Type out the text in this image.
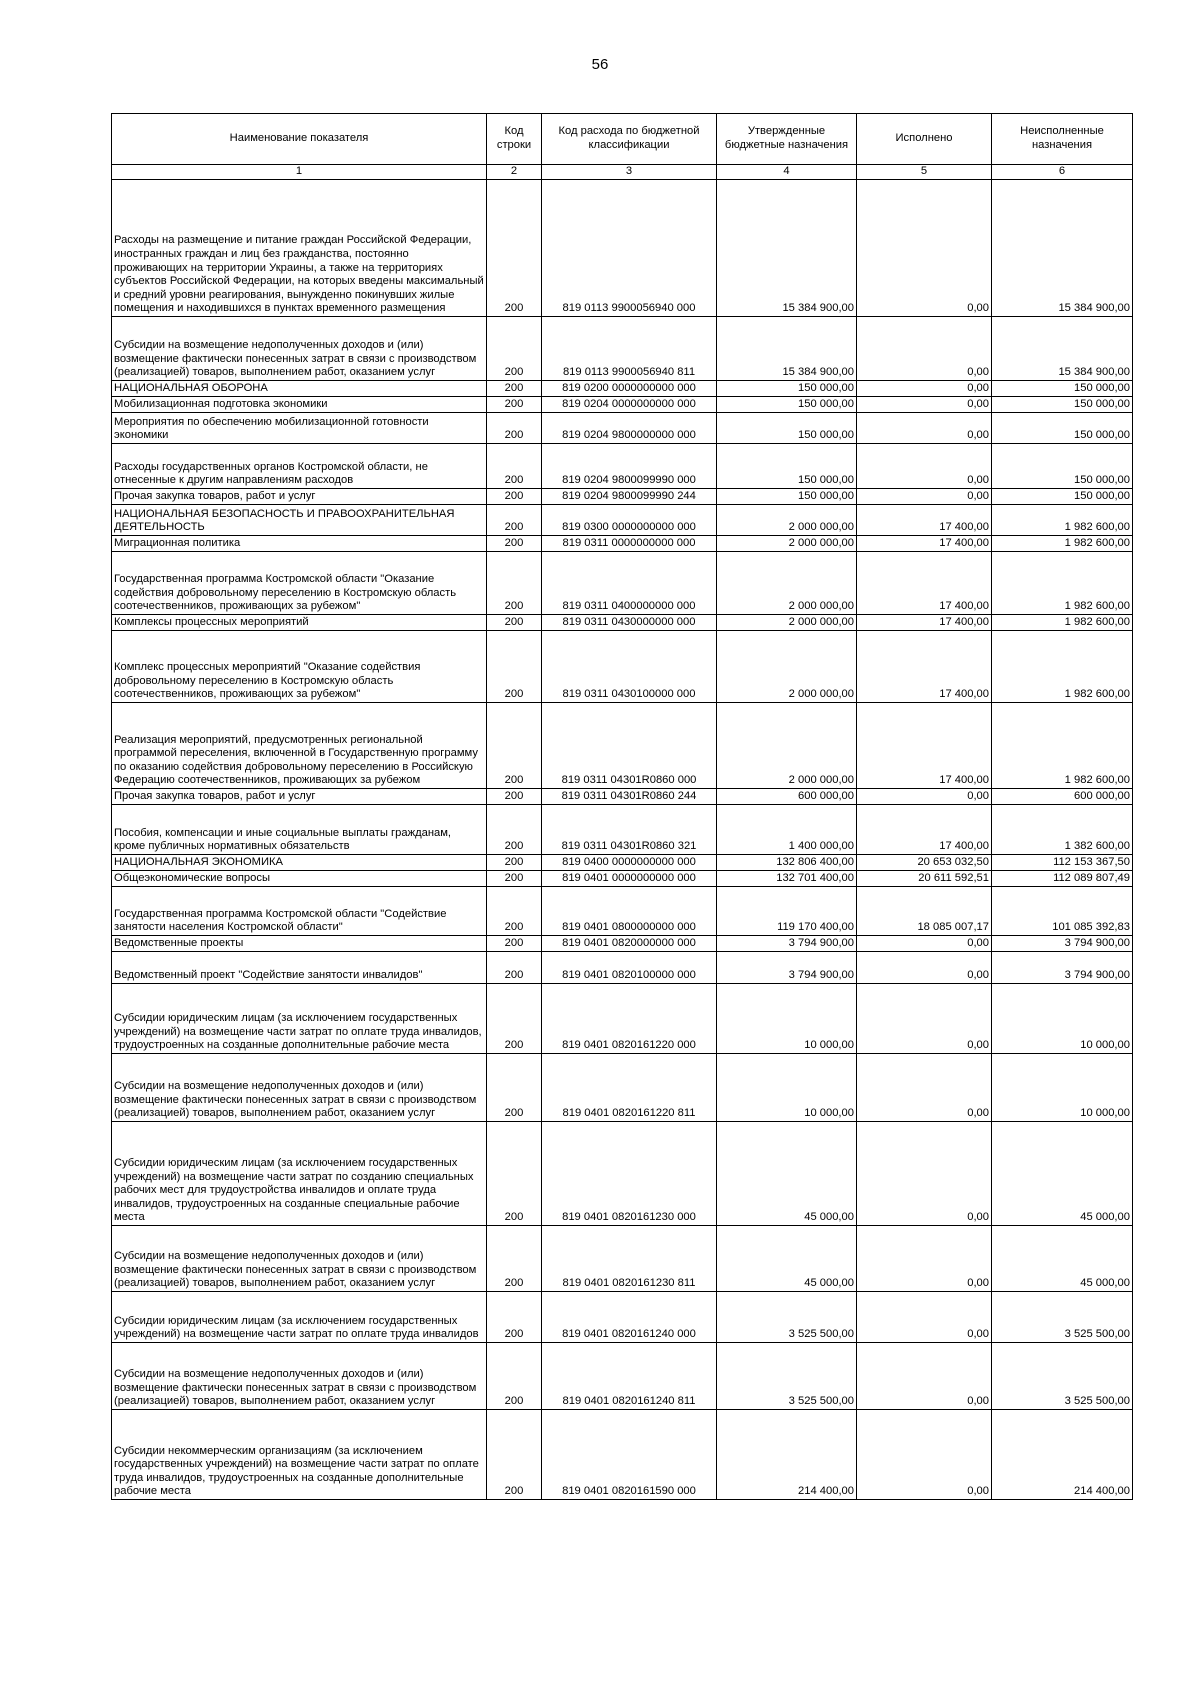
56
Наименование показателя	Код строки	Код расхода по бюджетной классификации	Утвержденные бюджетные назначения	Исполнено	Неисполненные назначения
1	2	3	4	5	6
Расходы на размещение и питание граждан Российской Федерации, иностранных граждан и лиц без гражданства, постоянно проживающих на территории Украины, а также на территориях субъектов Российской Федерации, на которых введены максимальный и средний уровни реагирования, вынужденно покинувших жилые помещения и находившихся в пунктах временного размещения	200	819 0113 9900056940 000	15 384 900,00	0,00	15 384 900,00
Субсидии на возмещение недополученных доходов и (или) возмещение фактически понесенных затрат в связи с производством (реализацией) товаров, выполнением работ, оказанием услуг	200	819 0113 9900056940 811	15 384 900,00	0,00	15 384 900,00
НАЦИОНАЛЬНАЯ ОБОРОНА	200	819 0200 0000000000 000	150 000,00	0,00	150 000,00
Мобилизационная подготовка экономики	200	819 0204 0000000000 000	150 000,00	0,00	150 000,00
Мероприятия по обеспечению мобилизационной готовности экономики	200	819 0204 9800000000 000	150 000,00	0,00	150 000,00
Расходы государственных органов Костромской области, не отнесенные к другим направлениям расходов	200	819 0204 9800099990 000	150 000,00	0,00	150 000,00
Прочая закупка товаров, работ и услуг	200	819 0204 9800099990 244	150 000,00	0,00	150 000,00
НАЦИОНАЛЬНАЯ БЕЗОПАСНОСТЬ И ПРАВООХРАНИТЕЛЬНАЯ ДЕЯТЕЛЬНОСТЬ	200	819 0300 0000000000 000	2 000 000,00	17 400,00	1 982 600,00
Миграционная политика	200	819 0311 0000000000 000	2 000 000,00	17 400,00	1 982 600,00
Государственная программа Костромской области "Оказание содействия добровольному переселению в Костромскую область соотечественников, проживающих за рубежом"	200	819 0311 0400000000 000	2 000 000,00	17 400,00	1 982 600,00
Комплексы процессных мероприятий	200	819 0311 0430000000 000	2 000 000,00	17 400,00	1 982 600,00
Комплекс процессных мероприятий "Оказание содействия добровольному переселению в Костромскую область соотечественников, проживающих за рубежом"	200	819 0311 0430100000 000	2 000 000,00	17 400,00	1 982 600,00
Реализация мероприятий, предусмотренных региональной программой переселения, включенной в Государственную программу по оказанию содействия добровольному переселению в Российскую Федерацию соотечественников, проживающих за рубежом	200	819 0311 04301R0860 000	2 000 000,00	17 400,00	1 982 600,00
Прочая закупка товаров, работ и услуг	200	819 0311 04301R0860 244	600 000,00	0,00	600 000,00
Пособия, компенсации и иные социальные выплаты гражданам, кроме публичных нормативных обязательств	200	819 0311 04301R0860 321	1 400 000,00	17 400,00	1 382 600,00
НАЦИОНАЛЬНАЯ ЭКОНОМИКА	200	819 0400 0000000000 000	132 806 400,00	20 653 032,50	112 153 367,50
Общеэкономические вопросы	200	819 0401 0000000000 000	132 701 400,00	20 611 592,51	112 089 807,49
Государственная программа Костромской области "Содействие занятости населения Костромской области"	200	819 0401 0800000000 000	119 170 400,00	18 085 007,17	101 085 392,83
Ведомственные проекты	200	819 0401 0820000000 000	3 794 900,00	0,00	3 794 900,00
Ведомственный проект "Содействие занятости инвалидов"	200	819 0401 0820100000 000	3 794 900,00	0,00	3 794 900,00
Субсидии юридическим лицам (за исключением государственных учреждений) на возмещение части затрат по оплате труда инвалидов, трудоустроенных на созданные дополнительные рабочие места	200	819 0401 0820161220 000	10 000,00	0,00	10 000,00
Субсидии на возмещение недополученных доходов и (или) возмещение фактически понесенных затрат в связи с производством (реализацией) товаров, выполнением работ, оказанием услуг	200	819 0401 0820161220 811	10 000,00	0,00	10 000,00
Субсидии юридическим лицам (за исключением государственных учреждений) на возмещение части затрат по созданию специальных рабочих мест для трудоустройства инвалидов и оплате труда инвалидов, трудоустроенных на созданные специальные рабочие места	200	819 0401 0820161230 000	45 000,00	0,00	45 000,00
Субсидии на возмещение недополученных доходов и (или) возмещение фактически понесенных затрат в связи с производством (реализацией) товаров, выполнением работ, оказанием услуг	200	819 0401 0820161230 811	45 000,00	0,00	45 000,00
Субсидии юридическим лицам (за исключением государственных учреждений) на возмещение части затрат по оплате труда инвалидов	200	819 0401 0820161240 000	3 525 500,00	0,00	3 525 500,00
Субсидии на возмещение недополученных доходов и (или) возмещение фактически понесенных затрат в связи с производством (реализацией) товаров, выполнением работ, оказанием услуг	200	819 0401 0820161240 811	3 525 500,00	0,00	3 525 500,00
Субсидии некоммерческим организациям (за исключением государственных учреждений) на возмещение части затрат по оплате труда инвалидов, трудоустроенных на созданные дополнительные рабочие места	200	819 0401 0820161590 000	214 400,00	0,00	214 400,00
